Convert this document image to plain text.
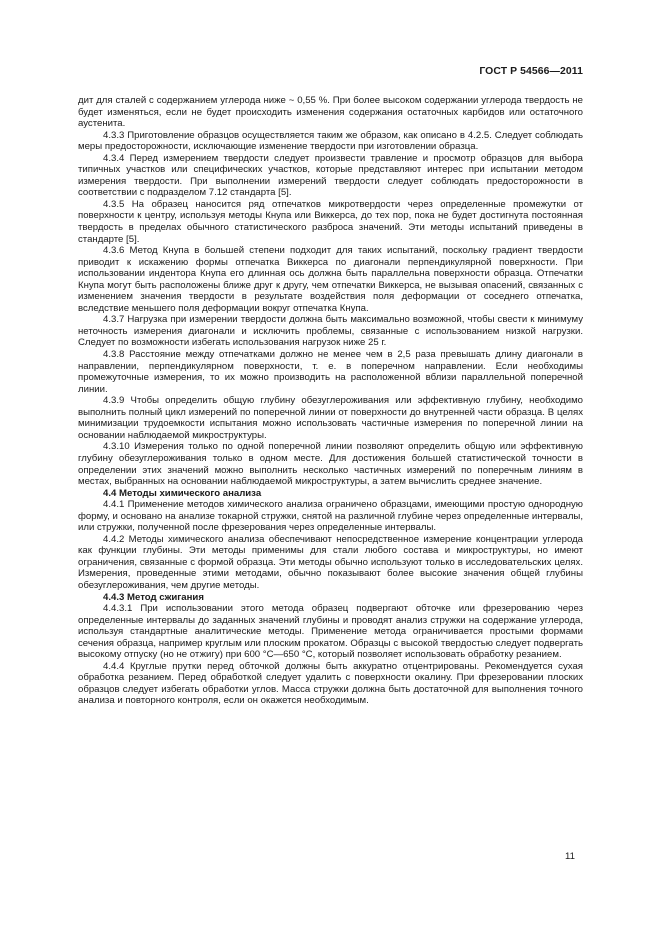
ГОСТ Р 54566—2011

дит для сталей с содержанием углерода ниже ~ 0,55 %. При более высоком содержании углерода твердость не будет изменяться, если не будет происходить изменения содержания остаточных карбидов или остаточного аустенита.

4.3.3 Приготовление образцов осуществляется таким же образом, как описано в 4.2.5. Следует соблюдать меры предосторожности, исключающие изменение твердости при изготовлении образца.

4.3.4 Перед измерением твердости следует произвести травление и просмотр образцов для выбора типичных участков или специфических участков, которые представляют интерес при испытании методом измерения твердости. При выполнении измерений твердости следует соблюдать предосторожности в соответствии с подразделом 7.12 стандарта [5].

4.3.5 На образец наносится ряд отпечатков микротвердости через определенные промежутки от поверхности к центру, используя методы Кнупа или Виккерса, до тех пор, пока не будет достигнута постоянная твердость в пределах обычного статистического разброса значений. Эти методы испытаний приведены в стандарте [5].

4.3.6 Метод Кнупа в большей степени подходит для таких испытаний, поскольку градиент твердости приводит к искажению формы отпечатка Виккерса по диагонали перпендикулярной поверхности. При использовании индентора Кнупа его длинная ось должна быть параллельна поверхности образца. Отпечатки Кнупа могут быть расположены ближе друг к другу, чем отпечатки Виккерса, не вызывая опасений, связанных с изменением значения твердости в результате воздействия поля деформации от соседнего отпечатка, вследствие меньшего поля деформации вокруг отпечатка Кнупа.

4.3.7 Нагрузка при измерении твердости должна быть максимально возможной, чтобы свести к минимуму неточность измерения диагонали и исключить проблемы, связанные с использованием низкой нагрузки. Следует по возможности избегать использования нагрузок ниже 25 г.

4.3.8 Расстояние между отпечатками должно не менее чем в 2,5 раза превышать длину диагонали в направлении, перпендикулярном поверхности, т. е. в поперечном направлении. Если необходимы промежуточные измерения, то их можно производить на расположенной вблизи параллельной поперечной линии.

4.3.9 Чтобы определить общую глубину обезуглероживания или эффективную глубину, необходимо выполнить полный цикл измерений по поперечной линии от поверхности до внутренней части образца. В целях минимизации трудоемкости испытания можно использовать частичные измерения по поперечной линии на основании наблюдаемой микроструктуры.

4.3.10 Измерения только по одной поперечной линии позволяют определить общую или эффективную глубину обезуглероживания только в одном месте. Для достижения большей статистической точности в определении этих значений можно выполнить несколько частичных измерений по поперечным линиям в местах, выбранных на основании наблюдаемой микроструктуры, а затем вычислить среднее значение.

4.4 Методы химического анализа

4.4.1 Применение методов химического анализа ограничено образцами, имеющими простую однородную форму, и основано на анализе токарной стружки, снятой на различной глубине через определенные интервалы, или стружки, полученной после фрезерования через определенные интервалы.

4.4.2 Методы химического анализа обеспечивают непосредственное измерение концентрации углерода как функции глубины. Эти методы применимы для стали любого состава и микроструктуры, но имеют ограничения, связанные с формой образца. Эти методы обычно используют только в исследовательских целях. Измерения, проведенные этими методами, обычно показывают более высокие значения общей глубины обезуглероживания, чем другие методы.

4.4.3 Метод сжигания

4.4.3.1 При использовании этого метода образец подвергают обточке или фрезерованию через определенные интервалы до заданных значений глубины и проводят анализ стружки на содержание углерода, используя стандартные аналитические методы. Применение метода ограничивается простыми формами сечения образца, например круглым или плоским прокатом. Образцы с высокой твердостью следует подвергать высокому отпуску (но не отжигу) при 600 °С—650 °С, который позволяет использовать обработку резанием.

4.4.4 Круглые прутки перед обточкой должны быть аккуратно отцентрированы. Рекомендуется сухая обработка резанием. Перед обработкой следует удалить с поверхности окалину. При фрезеровании плоских образцов следует избегать обработки углов. Масса стружки должна быть достаточной для выполнения точного анализа и повторного контроля, если он окажется необходимым.

11
